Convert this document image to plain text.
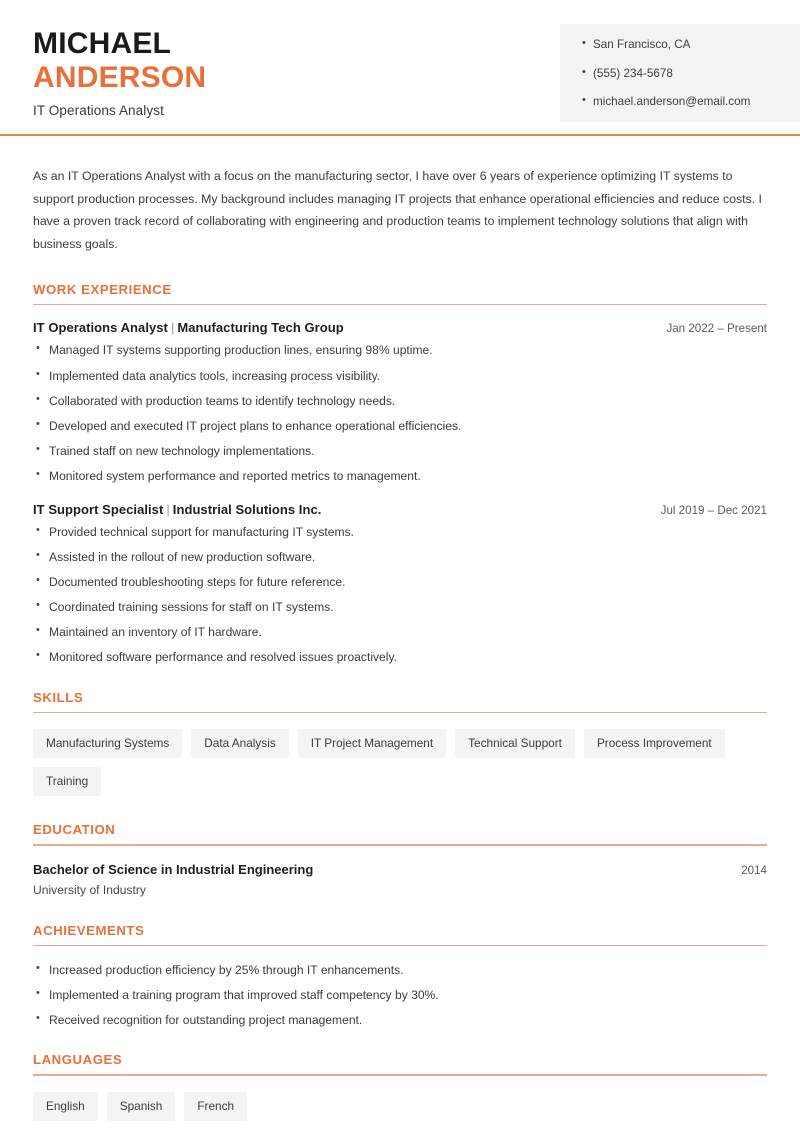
MICHAEL
ANDERSON
IT Operations Analyst
• San Francisco, CA
• (555) 234-5678
• michael.anderson@email.com

As an IT Operations Analyst with a focus on the manufacturing sector, I have over 6 years of experience optimizing IT systems to support production processes. My background includes managing IT projects that enhance operational efficiencies and reduce costs. I have a proven track record of collaborating with engineering and production teams to implement technology solutions that align with business goals.

WORK EXPERIENCE
IT Operations Analyst | Manufacturing Tech Group	Jan 2022 – Present
• Managed IT systems supporting production lines, ensuring 98% uptime.
• Implemented data analytics tools, increasing process visibility.
• Collaborated with production teams to identify technology needs.
• Developed and executed IT project plans to enhance operational efficiencies.
• Trained staff on new technology implementations.
• Monitored system performance and reported metrics to management.
IT Support Specialist | Industrial Solutions Inc.	Jul 2019 – Dec 2021
• Provided technical support for manufacturing IT systems.
• Assisted in the rollout of new production software.
• Documented troubleshooting steps for future reference.
• Coordinated training sessions for staff on IT systems.
• Maintained an inventory of IT hardware.
• Monitored software performance and resolved issues proactively.
SKILLS
Manufacturing Systems	Data Analysis	IT Project Management	Technical Support	Process Improvement
Training
EDUCATION
Bachelor of Science in Industrial Engineering	2014
University of Industry
ACHIEVEMENTS
• Increased production efficiency by 25% through IT enhancements.
• Implemented a training program that improved staff competency by 30%.
• Received recognition for outstanding project management.
LANGUAGES
English	Spanish	French
